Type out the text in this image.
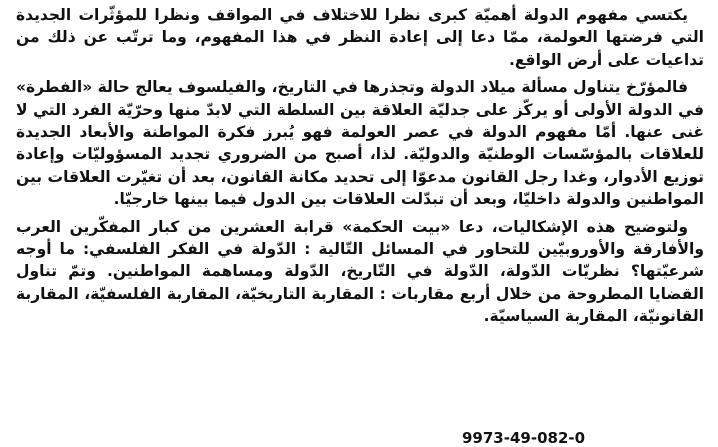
يكتسي مفهوم الدولة أهميّة كبرى نظرا للاختلاف في المواقف ونظرا للمؤثّرات الجديدة التي فرضتها العولمة، ممّا دعا إلى إعادة النظر في هذا المفهوم، وما ترتّب عن ذلك من تداعيات على أرض الواقع.

فالمؤرّخ يتناول مسألة ميلاد الدولة وتجذرها في التاريخ، والفيلسوف يعالج حالة «الفطرة» في الدولة الأولى أو يركّز على جدليّة العلاقة بين السلطة التي لابدّ منها وحرّيّة الفرد التي لا غنى عنها. أمّا مفهوم الدولة في عصر العولمة فهو يُبرز فكرة المواطنة والأبعاد الجديدة للعلاقات بالمؤسّسات الوطنيّة والدوليّة. لذا، أصبح من الضروري تجديد المسؤوليّات وإعادة توزيع الأدوار، وغدا رجل القانون مدعوّا إلى تحديد مكانة القانون، بعد أن تغيّرت العلاقات بين المواطنين والدولة داخليّا، وبعد أن تبدّلت العلاقات بين الدول فيما بينها خارجيّا.

ولتوضيح هذه الإشكاليات، دعا «بيت الحكمة» قرابة العشرين من كبار المفكّرين العرب والأفارقة والأوروبيّين للتحاور في المسائل التّالية : الدّولة في الفكر الفلسفي: ما أوجه شرعيّتها؟ نظريّات الدّولة، الدّولة في التّاريخ، الدّولة ومساهمة المواطنين. وتمّ تناول القضايا المطروحة من خلال أربع مقاربات : المقاربة التاريخيّة، المقاربة الفلسفيّة، المقاربة القانونيّة، المقاربة السياسيّة.

9973-49-082-0
